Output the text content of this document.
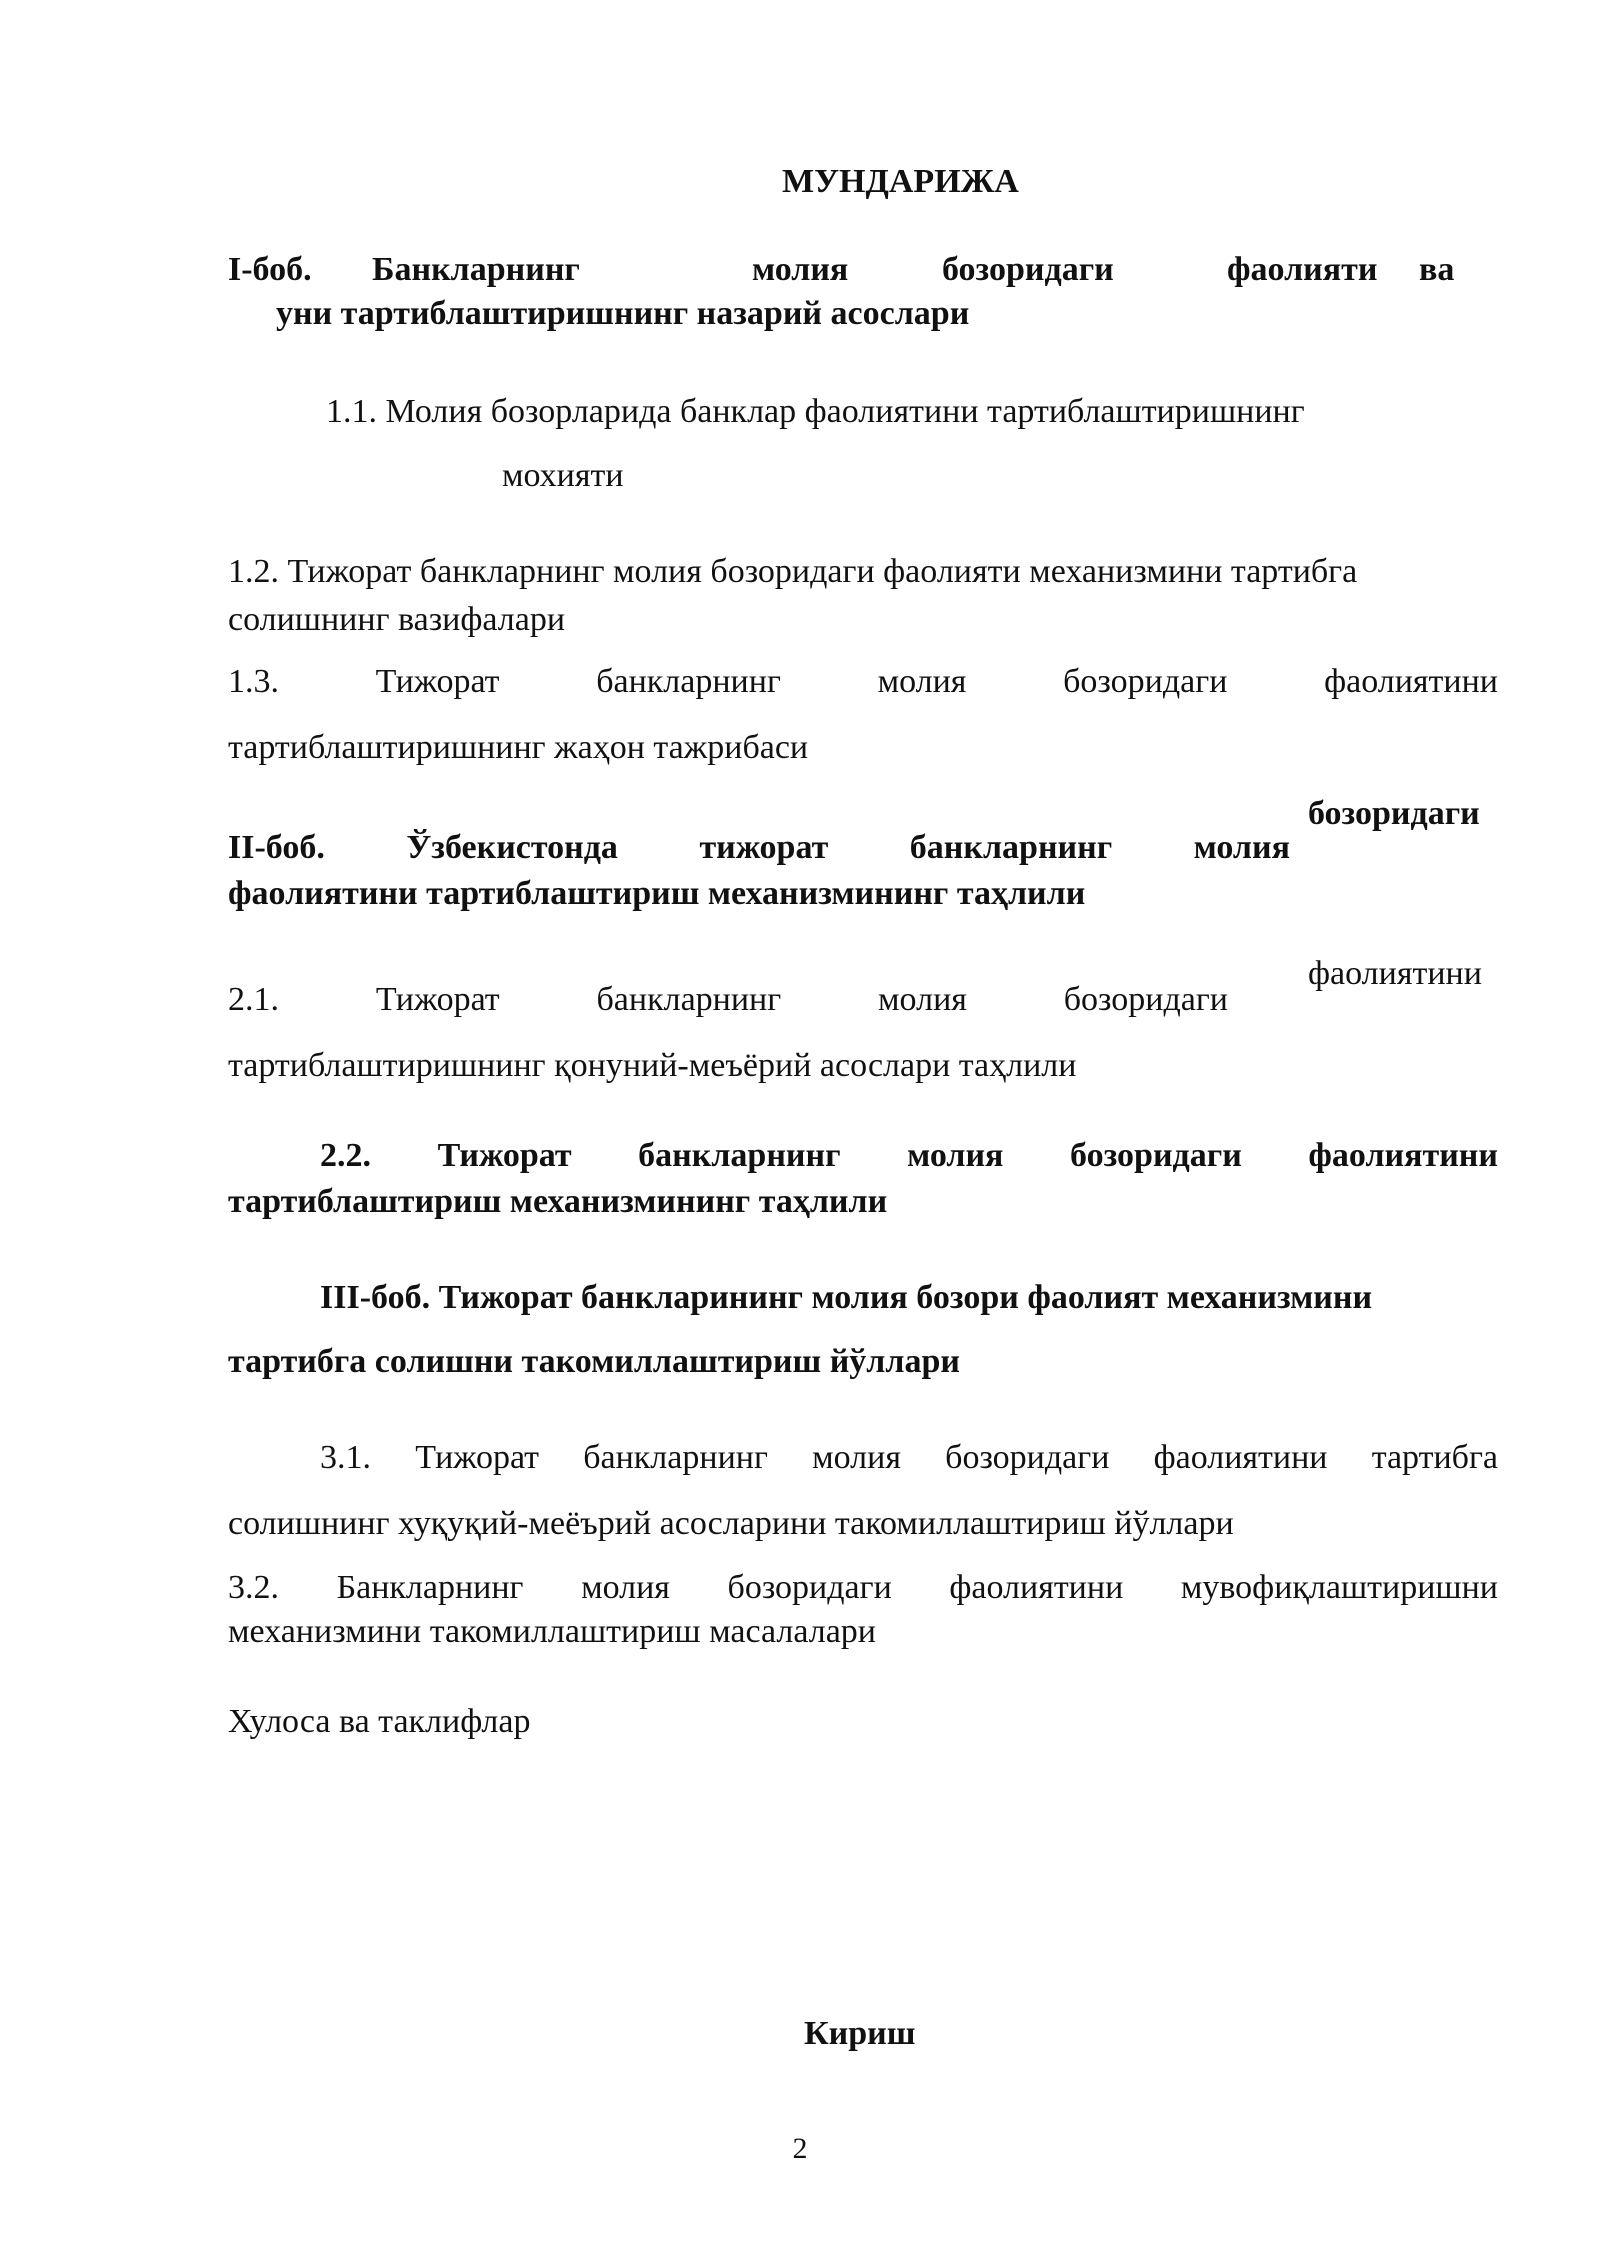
МУНДАРИЖА
I-боб. Банкларнинг	молия	бозоридаги	фаолияти ва
уни тартиблаштиришнинг назарий асослари
1.1. Молия бозорларида банклар фаолиятини тартиблаштиришнинг
мохияти
1.2. Тижорат банкларнинг молия бозоридаги фаолияти механизмини тартибга
солишнинг вазифалари
1.3. Тижорат банкларнинг молия бозоридаги фаолиятини
тартиблаштиришнинг жаҳон тажрибаси
бозоридаги
II-боб. Ўзбекистонда тижорат банкларнинг молия
фаолиятини тартиблаштириш механизмининг таҳлили
фаолиятини
2.1. Тижорат банкларнинг молия бозоридаги
тартиблаштиришнинг қонуний-меъёрий асослари таҳлили
2.2. Тижорат банкларнинг молия бозоридаги фаолиятини
тартиблаштириш механизмининг таҳлили
III-боб. Тижорат банкларининг молия бозори фаолият механизмини
тартибга солишни такомиллаштириш йўллари
3.1. Тижорат банкларнинг молия бозоридаги фаолиятини тартибга
солишнинг хуқуқий-меёърий асосларини такомиллаштириш йўллари
3.2. Банкларнинг молия бозоридаги фаолиятини мувофиқлаштиришни
механизмини такомиллаштириш масалалари
Хулоса ва таклифлар
Кириш
2
